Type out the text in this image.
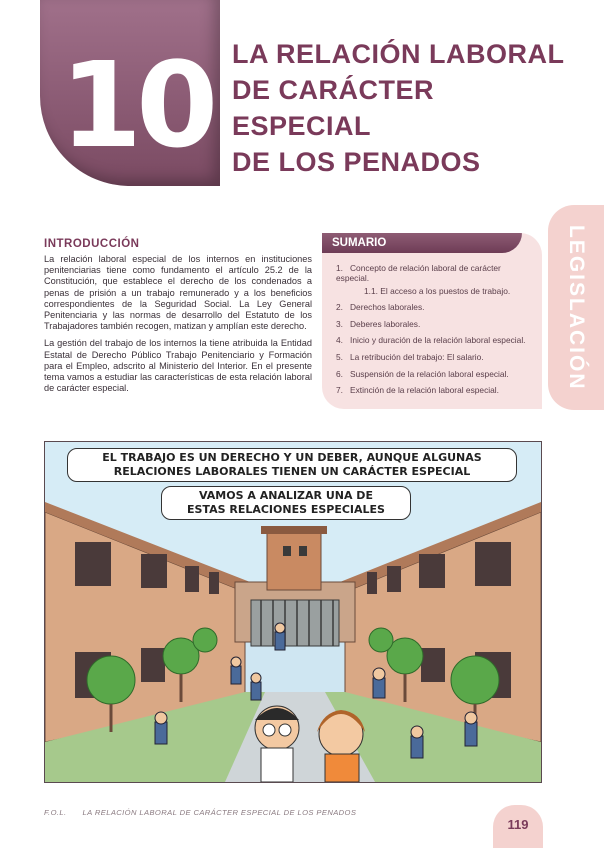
10 LA RELACIÓN LABORAL
DE CARÁCTER ESPECIAL
DE LOS PENADOS
LEGISLACIÓN
INTRODUCCIÓN

La relación laboral especial de los internos en instituciones penitenciarias tiene como fundamento el artículo 25.2 de la Constitución, que establece el derecho de los condenados a penas de prisión a un trabajo remunerado y a los beneficios correspondientes de la Seguridad Social. La Ley General Penitenciaria y las normas de desarrollo del Estatuto de los Trabajadores también recogen, matizan y amplían este derecho.

La gestión del trabajo de los internos la tiene atribuida la Entidad Estatal de Derecho Público Trabajo Penitenciario y Formación para el Empleo, adscrito al Ministerio del Interior. En el presente tema vamos a estudiar las características de esta relación laboral de carácter especial.

SUMARIO
1. Concepto de relación laboral de carácter especial.
1.1. El acceso a los puestos de trabajo.
2. Derechos laborales.
3. Deberes laborales.
4. Inicio y duración de la relación laboral especial.
5. La retribución del trabajo: El salario.
6. Suspensión de la relación laboral especial.
7. Extinción de la relación laboral especial.
EL TRABAJO ES UN DERECHO Y UN DEBER, AUNQUE ALGUNAS
RELACIONES LABORALES TIENEN UN CARÁCTER ESPECIAL
VAMOS A ANALIZAR UNA DE
ESTAS RELACIONES ESPECIALES
F.O.L. LA RELACIÓN LABORAL DE CARÁCTER ESPECIAL DE LOS PENADOS
119
